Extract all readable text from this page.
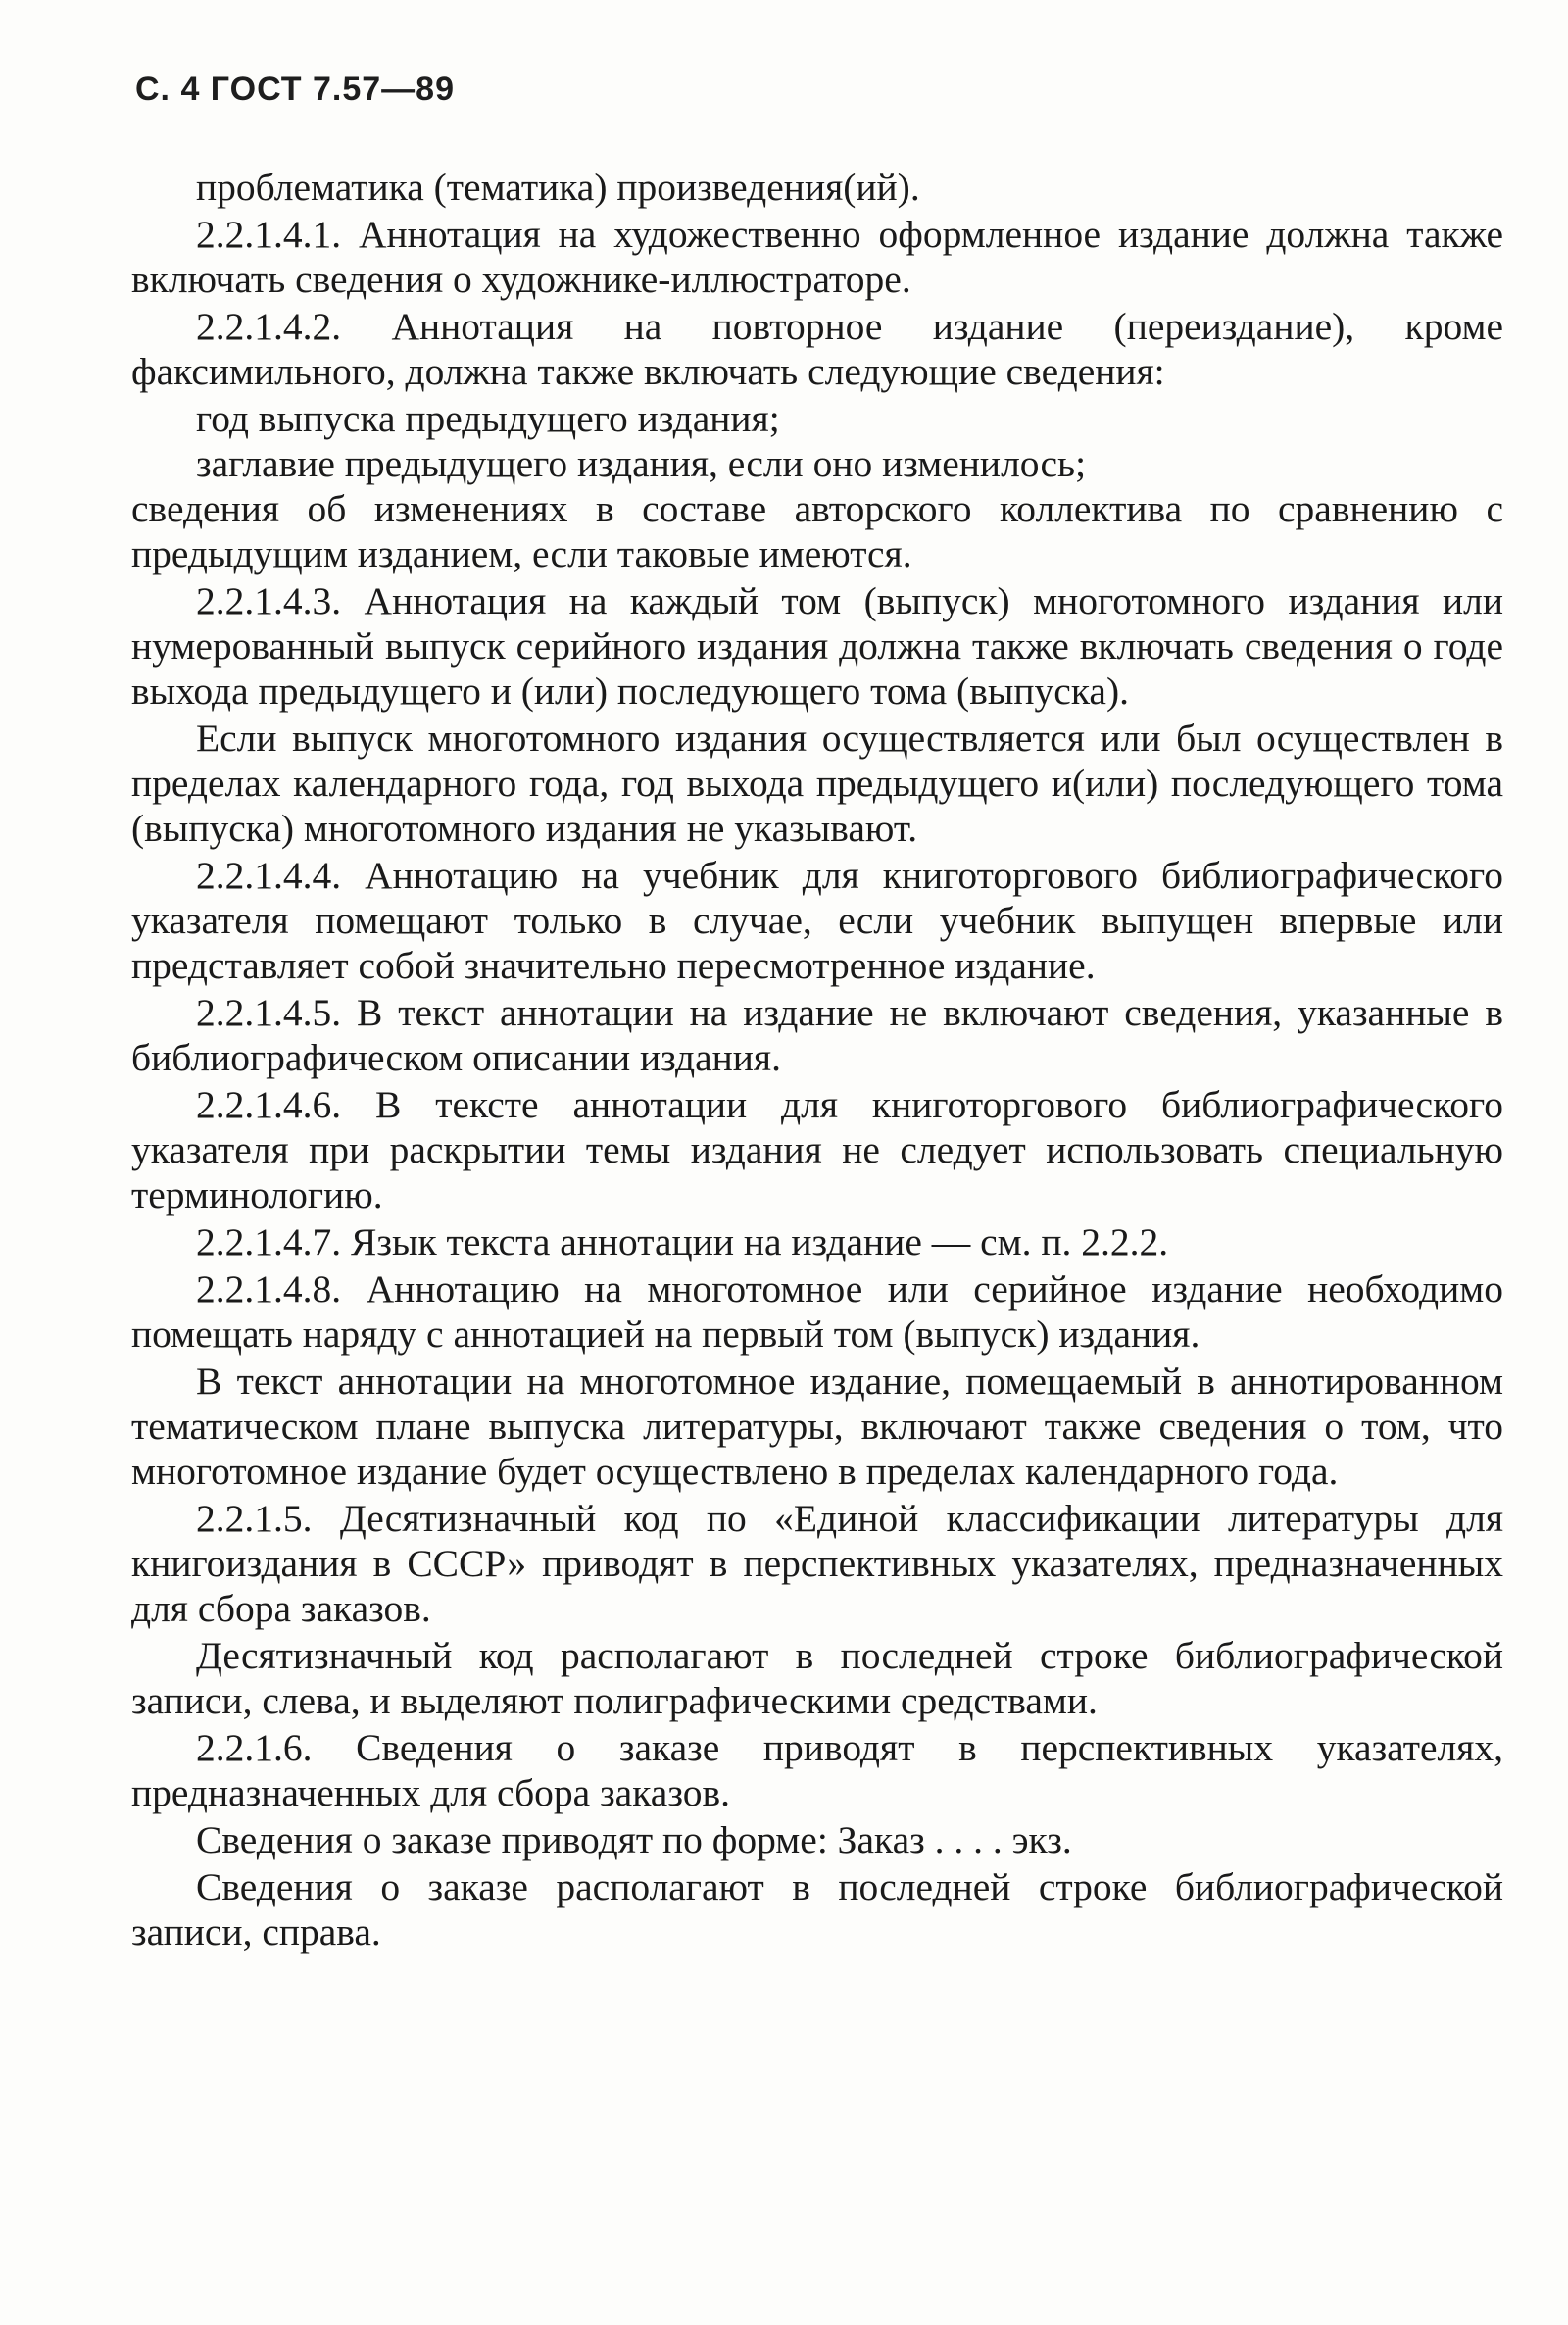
С. 4 ГОСТ 7.57—89

проблематика (тематика) произведения(ий).

2.2.1.4.1. Аннотация на художественно оформленное издание должна также включать сведения о художнике-иллюстраторе.

2.2.1.4.2. Аннотация на повторное издание (переиздание), кроме факсимильного, должна также включать следующие сведения:

год выпуска предыдущего издания;

заглавие предыдущего издания, если оно изменилось;

сведения об изменениях в составе авторского коллектива по сравнению с предыдущим изданием, если таковые имеются.

2.2.1.4.3. Аннотация на каждый том (выпуск) многотомного издания или нумерованный выпуск серийного издания должна также включать сведения о годе выхода предыдущего и (или) последующего тома (выпуска).

Если выпуск многотомного издания осуществляется или был осуществлен в пределах календарного года, год выхода предыдущего и(или) последующего тома (выпуска) многотомного издания не указывают.

2.2.1.4.4. Аннотацию на учебник для книготоргового библиографического указателя помещают только в случае, если учебник выпущен впервые или представляет собой значительно пересмотренное издание.

2.2.1.4.5. В текст аннотации на издание не включают сведения, указанные в библиографическом описании издания.

2.2.1.4.6. В тексте аннотации для книготоргового библиографического указателя при раскрытии темы издания не следует использовать специальную терминологию.

2.2.1.4.7. Язык текста аннотации на издание — см. п. 2.2.2.

2.2.1.4.8. Аннотацию на многотомное или серийное издание необходимо помещать наряду с аннотацией на первый том (выпуск) издания.

В текст аннотации на многотомное издание, помещаемый в аннотированном тематическом плане выпуска литературы, включают также сведения о том, что многотомное издание будет осуществлено в пределах календарного года.

2.2.1.5. Десятизначный код по «Единой классификации литературы для книгоиздания в СССР» приводят в перспективных указателях, предназначенных для сбора заказов.

Десятизначный код располагают в последней строке библиографической записи, слева, и выделяют полиграфическими средствами.

2.2.1.6. Сведения о заказе приводят в перспективных указателях, предназначенных для сбора заказов.

Сведения о заказе приводят по форме: Заказ . . . . экз.

Сведения о заказе располагают в последней строке библиографической записи, справа.
